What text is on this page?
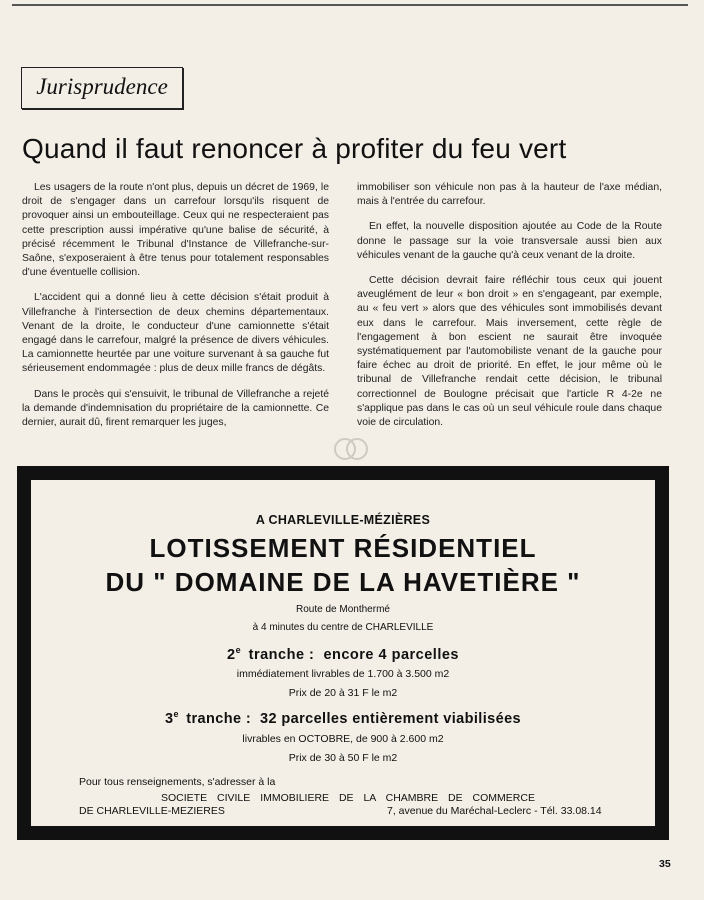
Jurisprudence
Quand il faut renoncer à profiter du feu vert

Les usagers de la route n'ont plus, depuis un décret de 1969, le droit de s'engager dans un carrefour lorsqu'ils risquent de provoquer ainsi un embouteillage. Ceux qui ne respecteraient pas cette prescription aussi impérative qu'une balise de sécurité, à précisé récemment le Tribunal d'Instance de Villefranche-sur-Saône, s'exposeraient à être tenus pour totalement responsables d'une éventuelle collision.

L'accident qui a donné lieu à cette décision s'était produit à Villefranche à l'intersection de deux chemins départementaux. Venant de la droite, le conducteur d'une camionnette s'était engagé dans le carrefour, malgré la présence de divers véhicules. La camionnette heurtée par une voiture survenant à sa gauche fut sérieusement endommagée : plus de deux mille francs de dégâts.

Dans le procès qui s'ensuivit, le tribunal de Villefranche a rejeté la demande d'indemnisation du propriétaire de la camionnette. Ce dernier, aurait dû, firent remarquer les juges,

immobiliser son véhicule non pas à la hauteur de l'axe médian, mais à l'entrée du carrefour.

En effet, la nouvelle disposition ajoutée au Code de la Route donne le passage sur la voie transversale aussi bien aux véhicules venant de la gauche qu'à ceux venant de la droite.

Cette décision devrait faire réfléchir tous ceux qui jouent aveuglément de leur « bon droit » en s'engageant, par exemple, au « feu vert » alors que des véhicules sont immobilisés devant eux dans le carrefour. Mais inversement, cette règle de l'engagement à bon escient ne saurait être invoquée systématiquement par l'automobiliste venant de la gauche pour faire échec au droit de priorité. En effet, le jour même où le tribunal de Villefranche rendait cette décision, le tribunal correctionnel de Boulogne précisait que l'article R 4-2e ne s'applique pas dans le cas où un seul véhicule roule dans chaque voie de circulation.

A CHARLEVILLE-MÉZIÈRES
LOTISSEMENT RÉSIDENTIEL
DU " DOMAINE DE LA HAVETIÈRE "
Route de Monthermé
à 4 minutes du centre de CHARLEVILLE
2e tranche : encore 4 parcelles
immédiatement livrables de 1.700 à 3.500 m2
Prix de 20 à 31 F le m2
3e tranche : 32 parcelles entièrement viabilisées
livrables en OCTOBRE, de 900 à 2.600 m2
Prix de 30 à 50 F le m2
Pour tous renseignements, s'adresser à la
SOCIETE CIVILE IMMOBILIERE DE LA CHAMBRE DE COMMERCE
DE CHARLEVILLE-MEZIERES	7, avenue du Maréchal-Leclerc - Tél. 33.08.14
35
